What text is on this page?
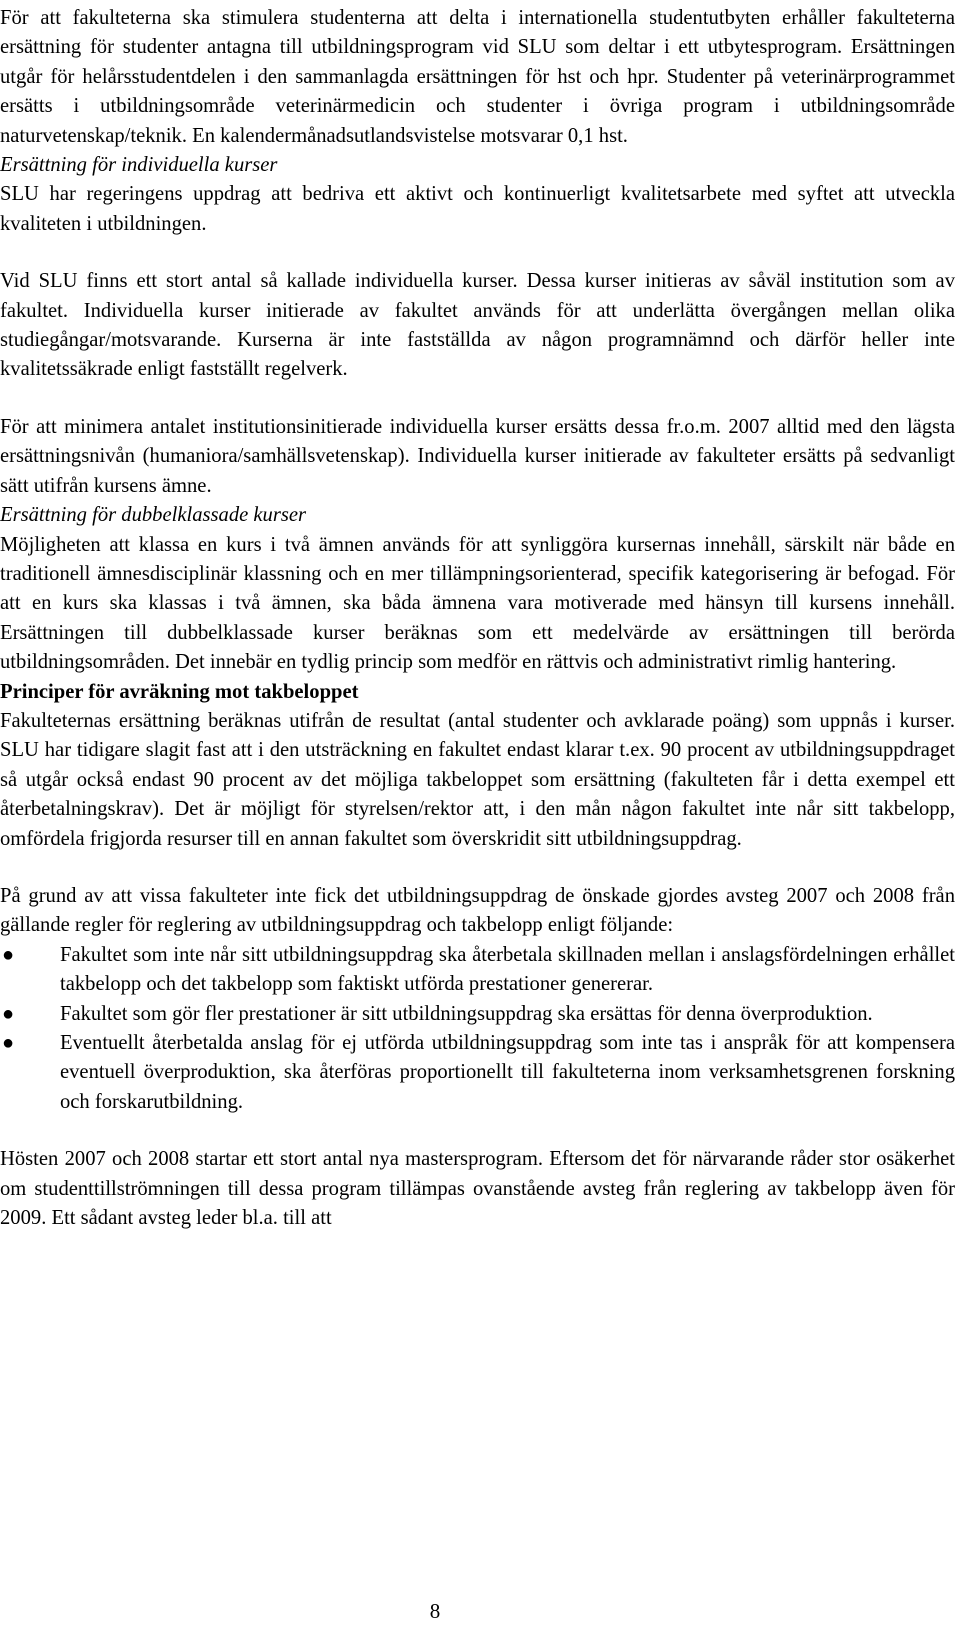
För att fakulteterna ska stimulera studenterna att delta i internationella studentutbyten erhåller fakulteterna ersättning för studenter antagna till utbildningsprogram vid SLU som deltar i ett utbytesprogram. Ersättningen utgår för helårsstudentdelen i den sammanlagda ersättningen för hst och hpr. Studenter på veterinärprogrammet ersätts i utbildningsområde veterinärmedicin och studenter i övriga program i utbildningsområde naturvetenskap/teknik. En kalendermånadsutlandsvistelse motsvarar 0,1 hst.

Ersättning för individuella kurser

SLU har regeringens uppdrag att bedriva ett aktivt och kontinuerligt kvalitetsarbete med syftet att utveckla kvaliteten i utbildningen.

Vid SLU finns ett stort antal så kallade individuella kurser. Dessa kurser initieras av såväl institution som av fakultet. Individuella kurser initierade av fakultet används för att underlätta övergången mellan olika studiegångar/motsvarande. Kurserna är inte fastställda av någon programnämnd och därför heller inte kvalitetssäkrade enligt fastställt regelverk.

För att minimera antalet institutionsinitierade individuella kurser ersätts dessa fr.o.m. 2007 alltid med den lägsta ersättningsnivån (humaniora/samhällsvetenskap). Individuella kurser initierade av fakulteter ersätts på sedvanligt sätt utifrån kursens ämne.

Ersättning för dubbelklassade kurser

Möjligheten att klassa en kurs i två ämnen används för att synliggöra kursernas innehåll, särskilt när både en traditionell ämnesdisciplinär klassning och en mer tillämpningsorienterad, specifik kategorisering är befogad. För att en kurs ska klassas i två ämnen, ska båda ämnena vara motiverade med hänsyn till kursens innehåll. Ersättningen till dubbelklassade kurser beräknas som ett medelvärde av ersättningen till berörda utbildningsområden. Det innebär en tydlig princip som medför en rättvis och administrativt rimlig hantering.

Principer för avräkning mot takbeloppet

Fakulteternas ersättning beräknas utifrån de resultat (antal studenter och avklarade poäng) som uppnås i kurser. SLU har tidigare slagit fast att i den utsträckning en fakultet endast klarar t.ex. 90 procent av utbildningsuppdraget så utgår också endast 90 procent av det möjliga takbeloppet som ersättning (fakulteten får i detta exempel ett återbetalningskrav). Det är möjligt för styrelsen/rektor att, i den mån någon fakultet inte når sitt takbelopp, omfördela frigjorda resurser till en annan fakultet som överskridit sitt utbildningsuppdrag.

På grund av att vissa fakulteter inte fick det utbildningsuppdrag de önskade gjordes avsteg 2007 och 2008 från gällande regler för reglering av utbildningsuppdrag och takbelopp enligt följande:

●	Fakultet som inte når sitt utbildningsuppdrag ska återbetala skillnaden mellan i anslagsfördelningen erhållet takbelopp och det takbelopp som faktiskt utförda prestationer genererar.
●	Fakultet som gör fler prestationer är sitt utbildningsuppdrag ska ersättas för denna överproduktion.
●	Eventuellt återbetalda anslag för ej utförda utbildningsuppdrag som inte tas i anspråk för att kompensera eventuell överproduktion, ska återföras proportionellt till fakulteterna inom verksamhetsgrenen forskning och forskarutbildning.

Hösten 2007 och 2008 startar ett stort antal nya mastersprogram. Eftersom det för närvarande råder stor osäkerhet om studenttillströmningen till dessa program tillämpas ovanstående avsteg från reglering av takbelopp även för 2009. Ett sådant avsteg leder bl.a. till att

8
